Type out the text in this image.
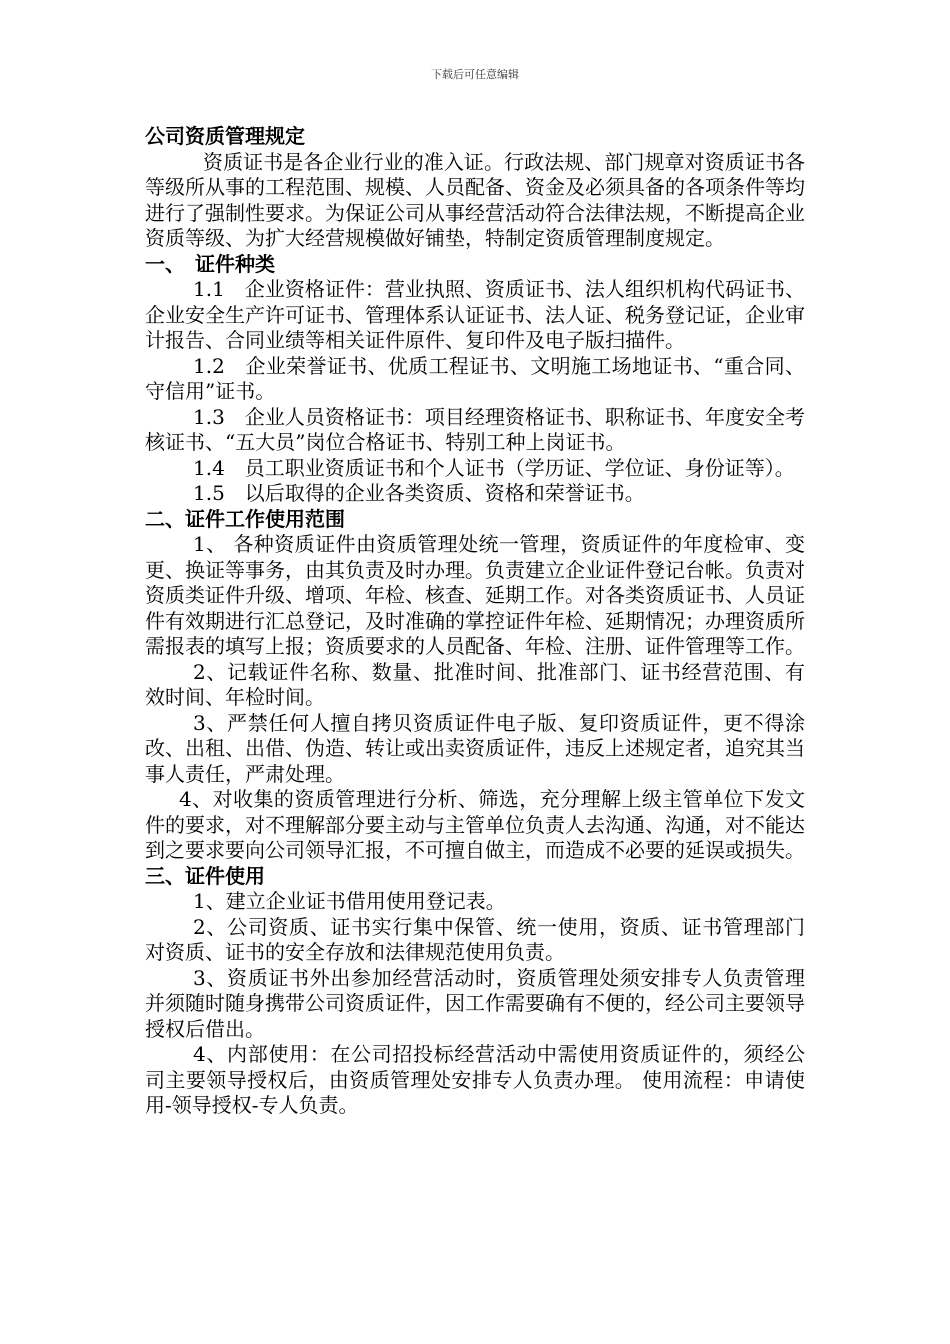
下载后可任意编辑

公司资质管理规定

资质证书是各企业行业的准入证。行政法规、部门规章对资质证书各等级所从事的工程范围、规模、人员配备、资金及必须具备的各项条件等均进行了强制性要求。为保证公司从事经营活动符合法律法规，不断提高企业资质等级、为扩大经营规模做好铺垫，特制定资质管理制度规定。

一、　证件种类

1.1　企业资格证件：营业执照、资质证书、法人组织机构代码证书、企业安全生产许可证书、管理体系认证证书、法人证、税务登记证，企业审计报告、合同业绩等相关证件原件、复印件及电子版扫描件。

1.2　企业荣誉证书、优质工程证书、文明施工场地证书、“重合同、守信用”证书。

1.3　企业人员资格证书：项目经理资格证书、职称证书、年度安全考核证书、“五大员”岗位合格证书、特别工种上岗证书。

1.4　员工职业资质证书和个人证书（学历证、学位证、身份证等）。

1.5　以后取得的企业各类资质、资格和荣誉证书。

二、证件工作使用范围

1、 各种资质证件由资质管理处统一管理，资质证件的年度检审、变更、换证等事务，由其负责及时办理。负责建立企业证件登记台帐。负责对资质类证件升级、增项、年检、核查、延期工作。对各类资质证书、人员证件有效期进行汇总登记，及时准确的掌控证件年检、延期情况；办理资质所需报表的填写上报；资质要求的人员配备、年检、注册、证件管理等工作。

2、记载证件名称、数量、批准时间、批准部门、证书经营范围、有效时间、年检时间。

3、严禁任何人擅自拷贝资质证件电子版、复印资质证件，更不得涂改、出租、出借、伪造、转让或出卖资质证件，违反上述规定者，追究其当事人责任，严肃处理。

4、对收集的资质管理进行分析、筛选，充分理解上级主管单位下发文件的要求，对不理解部分要主动与主管单位负责人去沟通、沟通，对不能达到之要求要向公司领导汇报，不可擅自做主，而造成不必要的延误或损失。

三、证件使用

1、建立企业证书借用使用登记表。

2、公司资质、证书实行集中保管、统一使用，资质、证书管理部门对资质、证书的安全存放和法律规范使用负责。

3、资质证书外出参加经营活动时，资质管理处须安排专人负责管理并须随时随身携带公司资质证件，因工作需要确有不便的，经公司主要领导授权后借出。

4、内部使用：在公司招投标经营活动中需使用资质证件的，须经公司主要领导授权后，由资质管理处安排专人负责办理。 使用流程：申请使用-领导授权-专人负责。
